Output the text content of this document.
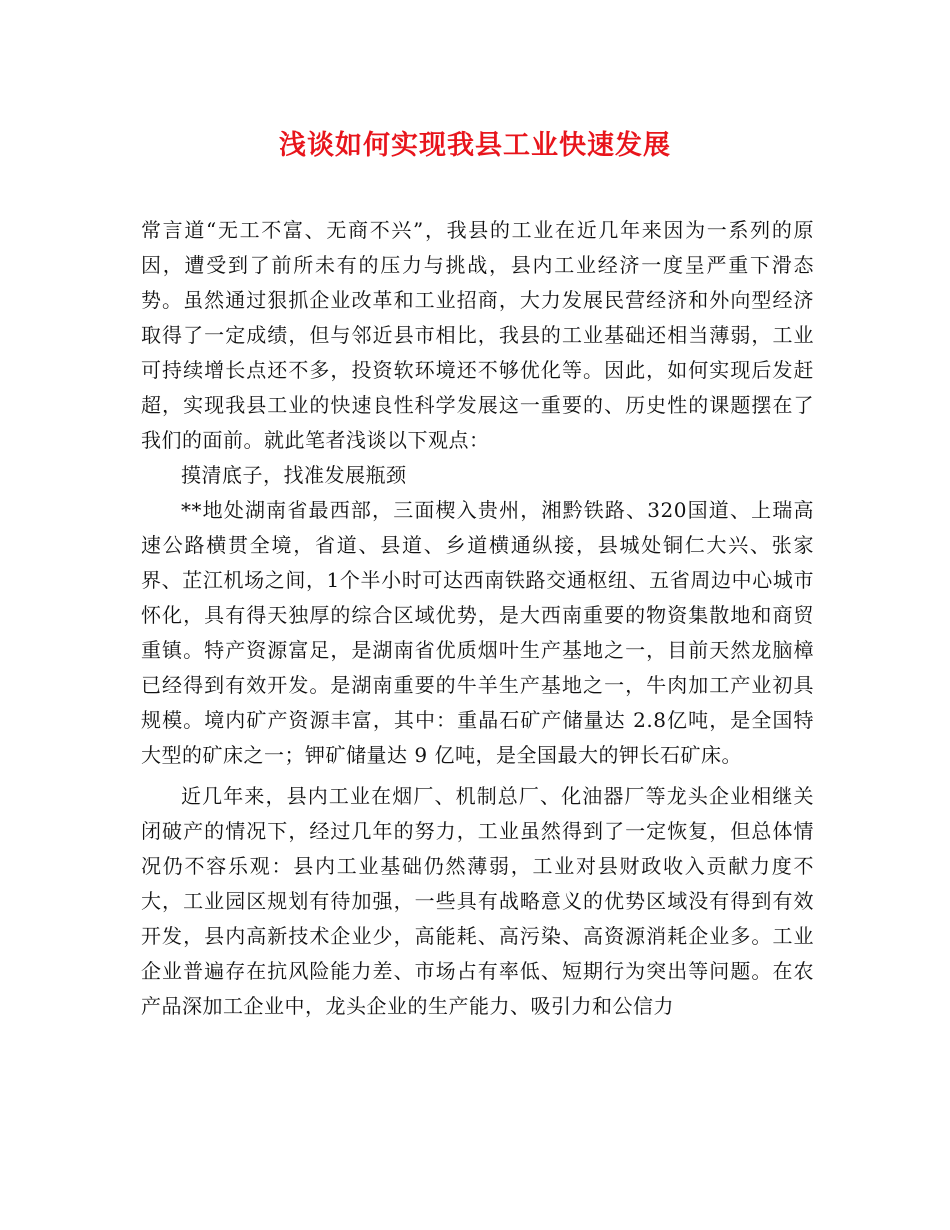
浅谈如何实现我县工业快速发展

常言道“无工不富、无商不兴”，我县的工业在近几年来因为一系列的原因，遭受到了前所未有的压力与挑战，县内工业经济一度呈严重下滑态势。虽然通过狠抓企业改革和工业招商，大力发展民营经济和外向型经济取得了一定成绩，但与邻近县市相比，我县的工业基础还相当薄弱，工业可持续增长点还不多，投资软环境还不够优化等。因此，如何实现后发赶超，实现我县工业的快速良性科学发展这一重要的、历史性的课题摆在了我们的面前。就此笔者浅谈以下观点：

摸清底子，找准发展瓶颈

**地处湖南省最西部，三面楔入贵州，湘黔铁路、320国道、上瑞高速公路横贯全境，省道、县道、乡道横通纵接，县城处铜仁大兴、张家界、芷江机场之间，1个半小时可达西南铁路交通枢纽、五省周边中心城市怀化，具有得天独厚的综合区域优势，是大西南重要的物资集散地和商贸重镇。特产资源富足，是湖南省优质烟叶生产基地之一，目前天然龙脑樟已经得到有效开发。是湖南重要的牛羊生产基地之一，牛肉加工产业初具规模。境内矿产资源丰富，其中：重晶石矿产储量达 2.8亿吨，是全国特大型的矿床之一；钾矿储量达 9 亿吨，是全国最大的钾长石矿床。

近几年来，县内工业在烟厂、机制总厂、化油器厂等龙头企业相继关闭破产的情况下，经过几年的努力，工业虽然得到了一定恢复，但总体情况仍不容乐观：县内工业基础仍然薄弱，工业对县财政收入贡献力度不大，工业园区规划有待加强，一些具有战略意义的优势区域没有得到有效开发，县内高新技术企业少，高能耗、高污染、高资源消耗企业多。工业企业普遍存在抗风险能力差、市场占有率低、短期行为突出等问题。在农产品深加工企业中，龙头企业的生产能力、吸引力和公信力
